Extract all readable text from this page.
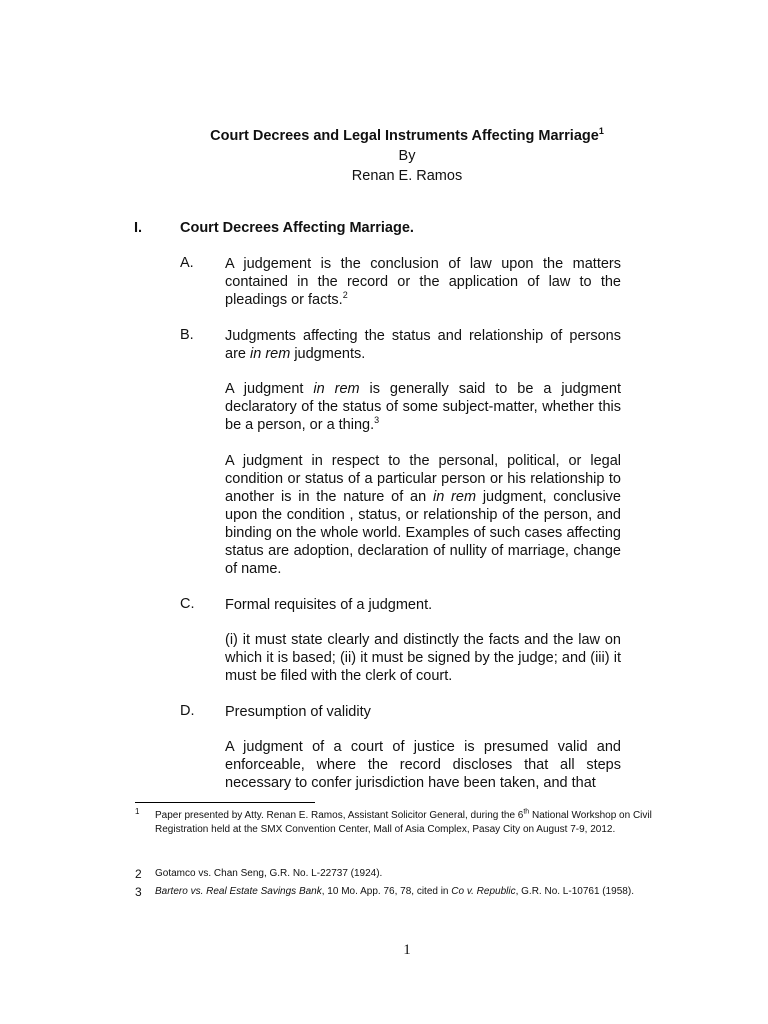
Court Decrees and Legal Instruments Affecting Marriage$^1$
By
Renan E. Ramos
I.	Court Decrees Affecting Marriage.
A. A judgement is the conclusion of law upon the matters contained in the record or the application of law to the pleadings or facts.$^2$
B. Judgments affecting the status and relationship of persons are in rem judgments.
A judgment in rem is generally said to be a judgment declaratory of the status of some subject-matter, whether this be a person, or a thing.$^3$
A judgment in respect to the personal, political, or legal condition or status of a particular person or his relationship to another is in the nature of an in rem judgment, conclusive upon the condition , status, or relationship of the person, and binding on the whole world. Examples of such cases affecting status are adoption, declaration of nullity of marriage, change of name.
C. Formal requisites of a judgment.
(i) it must state clearly and distinctly the facts and the law on which it is based; (ii) it must be signed by the judge; and (iii) it must be filed with the clerk of court.
D. Presumption of validity
A judgment of a court of justice is presumed valid and enforceable, where the record discloses that all steps necessary to confer jurisdiction have been taken, and that
1 Paper presented by Atty. Renan E. Ramos, Assistant Solicitor General, during the 6th National Workshop on Civil Registration held at the SMX Convention Center, Mall of Asia Complex, Pasay City on August 7-9, 2012.
2 Gotamco vs. Chan Seng, G.R. No. L-22737 (1924).
3 Bartero vs. Real Estate Savings Bank, 10 Mo. App. 76, 78, cited in Co v. Republic, G.R. No. L-10761 (1958).
1
